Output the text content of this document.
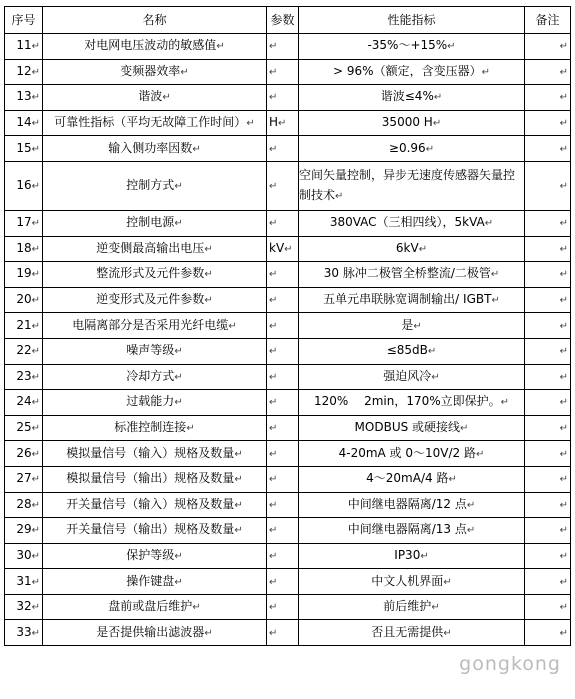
序号	名称	参数	性能指标	备注
11↵	对电网电压波动的敏感值↵	↵	-35%～+15%↵	↵
12↵	变频器效率↵	↵	> 96%（额定，含变压器）↵	↵
13↵	谐波↵	↵	谐波≤4%↵	↵
14↵	可靠性指标（平均无故障工作时间）↵	H↵	35000 H↵	↵
15↵	输入侧功率因数↵	↵	≥0.96↵	↵
16↵	控制方式↵	↵	空间矢量控制，异步无速度传感器矢量控制技术↵	↵
17↵	控制电源↵	↵	380VAC（三相四线），5kVA↵	↵
18↵	逆变侧最高输出电压↵	kV↵	6kV↵	↵
19↵	整流形式及元件参数↵	↵	30 脉冲二极管全桥整流/二极管↵	↵
20↵	逆变形式及元件参数↵	↵	五单元串联脉宽调制输出/ IGBT↵	↵
21↵	电隔离部分是否采用光纤电缆↵	↵	是↵	↵
22↵	噪声等级↵	↵	≤85dB↵	↵
23↵	冷却方式↵	↵	强迫风冷↵	↵
24↵	过载能力↵	↵	120%　 2min，170%立即保护。↵	↵
25↵	标准控制连接↵	↵	MODBUS 或硬接线↵	↵
26↵	模拟量信号（输入）规格及数量↵	↵	4-20mA 或 0～10V/2 路↵	↵
27↵	模拟量信号（输出）规格及数量↵	↵	4～20mA/4 路↵	↵
28↵	开关量信号（输入）规格及数量↵	↵	中间继电器隔离/12 点↵	↵
29↵	开关量信号（输出）规格及数量↵	↵	中间继电器隔离/13 点↵	↵
30↵	保护等级↵	↵	IP30↵	↵
31↵	操作键盘↵	↵	中文人机界面↵	↵
32↵	盘前或盘后维护↵	↵	前后维护↵	↵
33↵	是否提供输出滤波器↵	↵	否且无需提供↵	↵
gongkong
